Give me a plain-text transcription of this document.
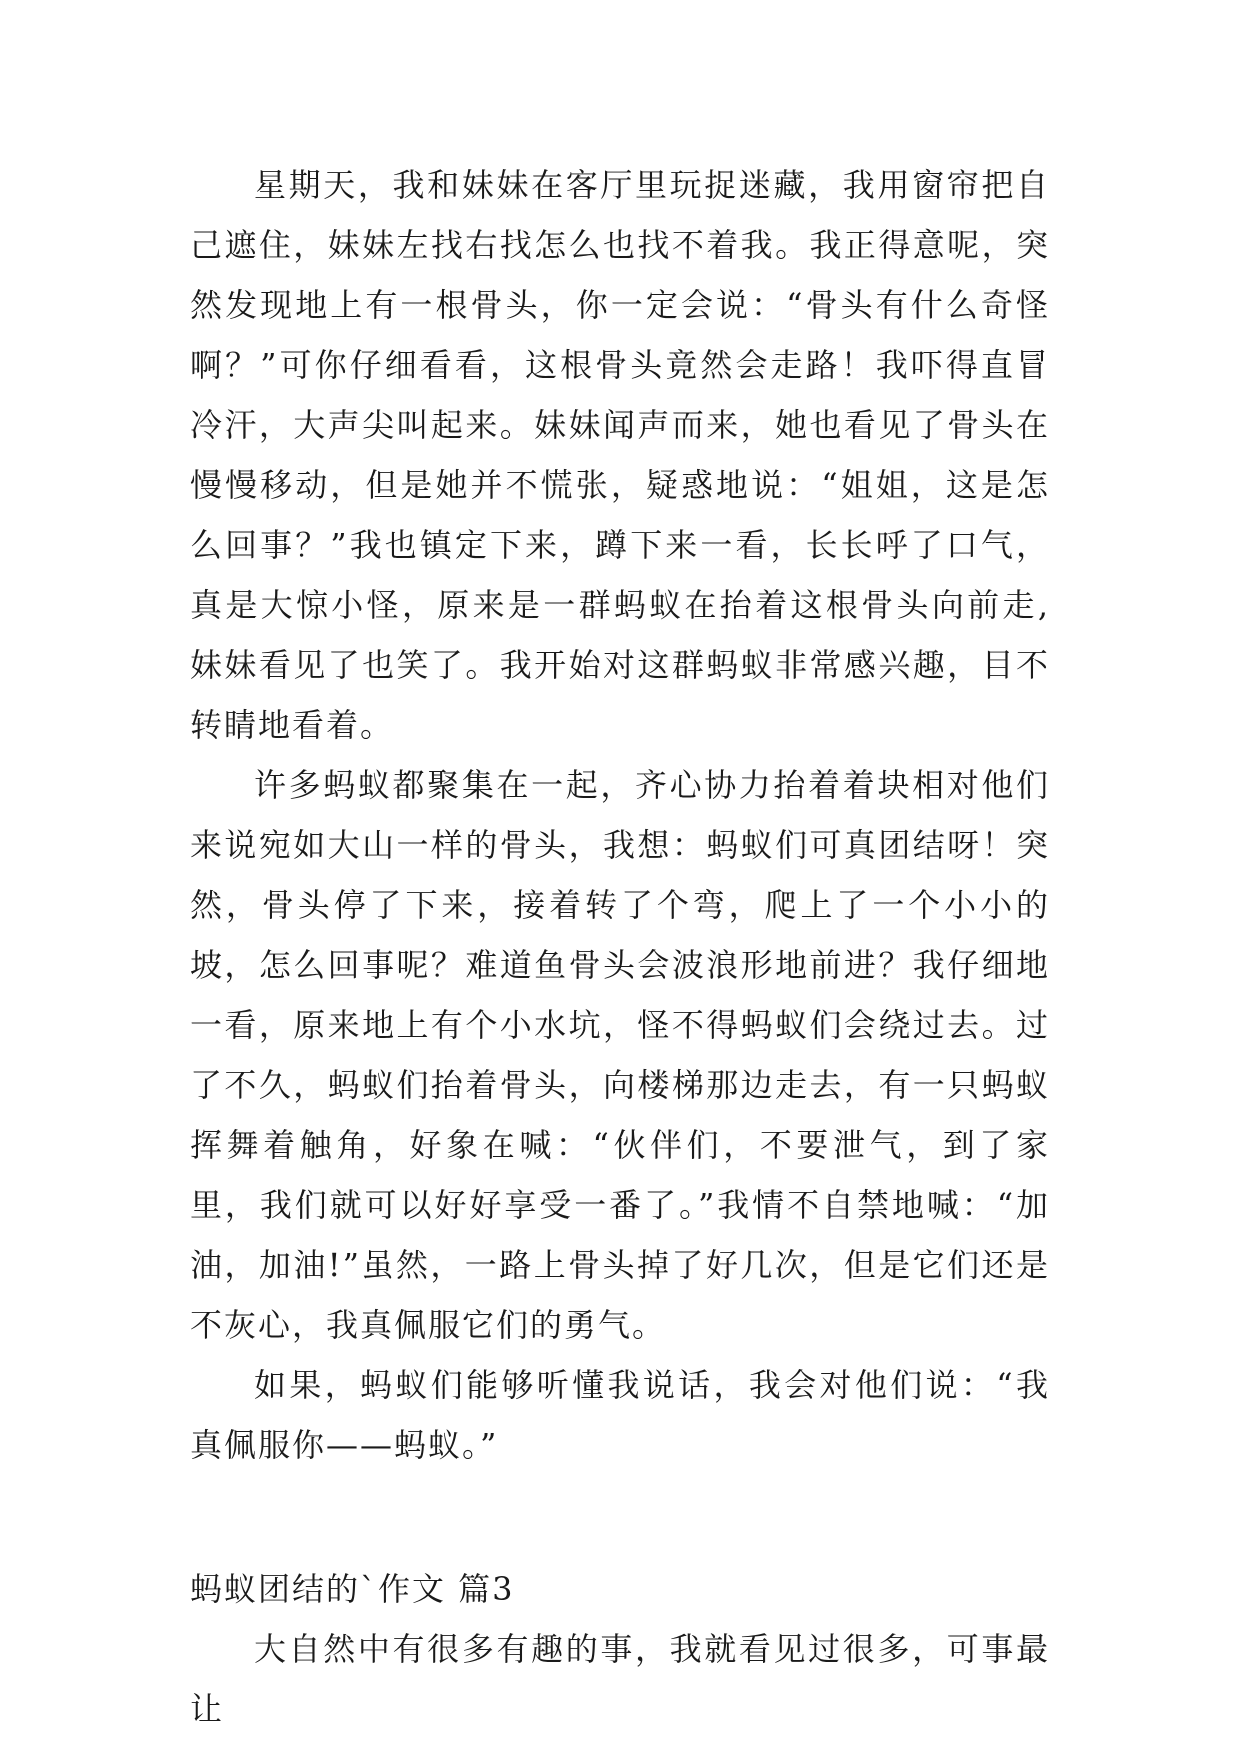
星期天，我和妹妹在客厅里玩捉迷藏，我用窗帘把自己遮住，妹妹左找右找怎么也找不着我。我正得意呢，突然发现地上有一根骨头，你一定会说：“骨头有什么奇怪啊？”可你仔细看看，这根骨头竟然会走路！我吓得直冒冷汗，大声尖叫起来。妹妹闻声而来，她也看见了骨头在慢慢移动，但是她并不慌张，疑惑地说：“姐姐，这是怎么回事？”我也镇定下来，蹲下来一看，长长呼了口气，真是大惊小怪，原来是一群蚂蚁在抬着这根骨头向前走,妹妹看见了也笑了。我开始对这群蚂蚁非常感兴趣，目不转睛地看着。

许多蚂蚁都聚集在一起，齐心协力抬着着块相对他们来说宛如大山一样的骨头，我想：蚂蚁们可真团结呀！突然，骨头停了下来，接着转了个弯，爬上了一个小小的坡，怎么回事呢？难道鱼骨头会波浪形地前进？我仔细地一看，原来地上有个小水坑，怪不得蚂蚁们会绕过去。过了不久，蚂蚁们抬着骨头，向楼梯那边走去，有一只蚂蚁挥舞着触角，好象在喊：“伙伴们，不要泄气，到了家里，我们就可以好好享受一番了。”我情不自禁地喊：“加油，加油!”虽然，一路上骨头掉了好几次，但是它们还是不灰心，我真佩服它们的勇气。

如果，蚂蚁们能够听懂我说话，我会对他们说：“我真佩服你——蚂蚁。”

蚂蚁团结的`作文 篇3

大自然中有很多有趣的事，我就看见过很多，可事最让
